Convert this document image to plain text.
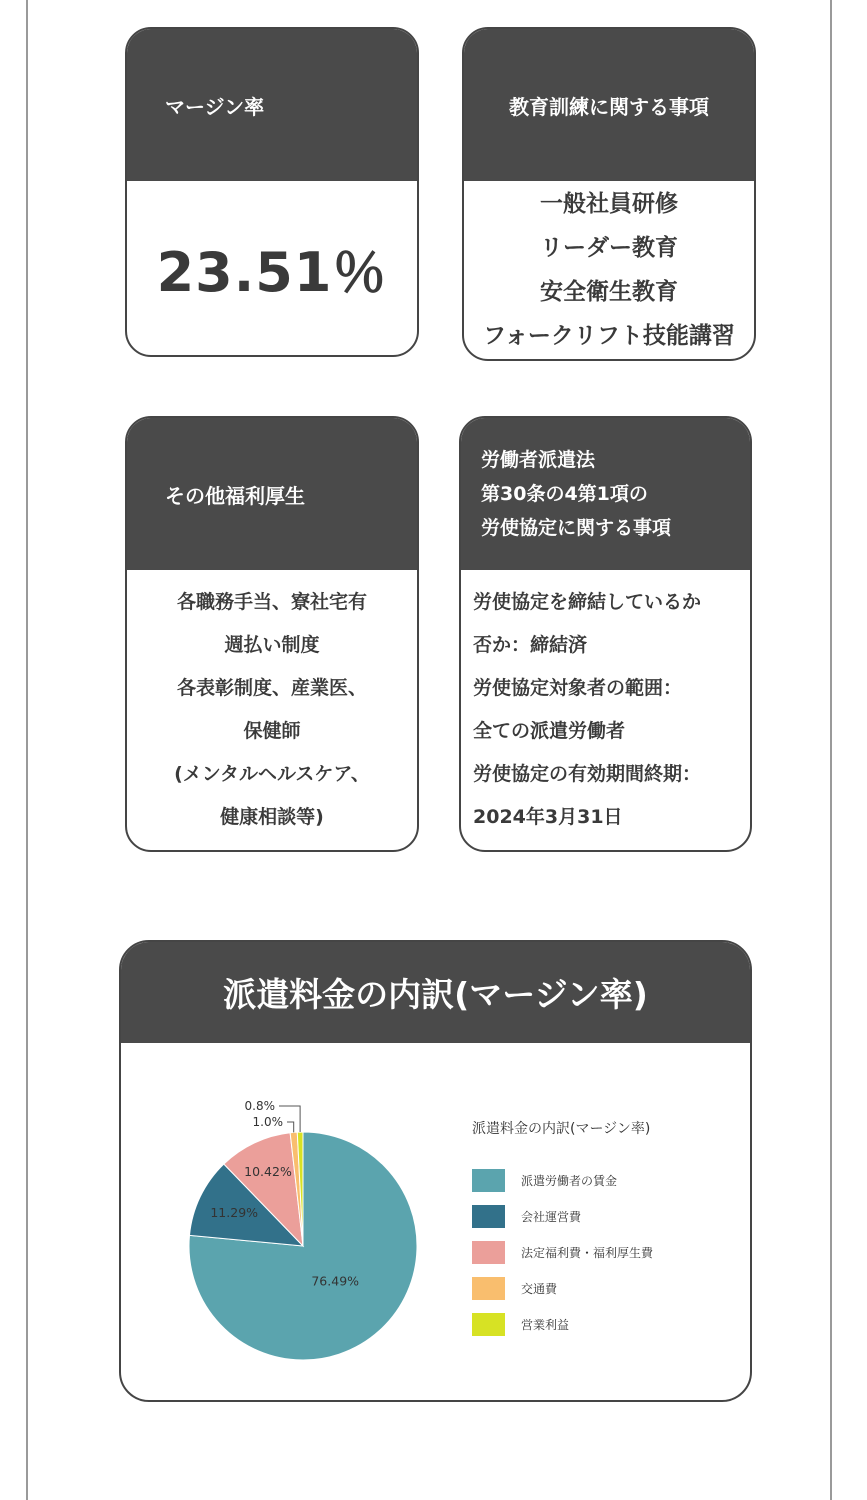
マージン率
23.51％
教育訓練に関する事項
一般社員研修
リーダー教育
安全衛生教育
フォークリフト技能講習
その他福利厚生
各職務手当、寮社宅有
週払い制度
各表彰制度、産業医、
保健師
(メンタルヘルスケア、
健康相談等)
労働者派遣法
第30条の4第1項の
労使協定に関する事項
労使協定を締結しているか
否か：締結済
労使協定対象者の範囲：
全ての派遣労働者
労使協定の有効期間終期：
2024年3月31日
派遣料金の内訳(マージン率)
76.49%
11.29%
10.42%
1.0%
0.8%
派遣料金の内訳(マージン率)
派遣労働者の賃金
会社運営費
法定福利費・福利厚生費
交通費
営業利益
